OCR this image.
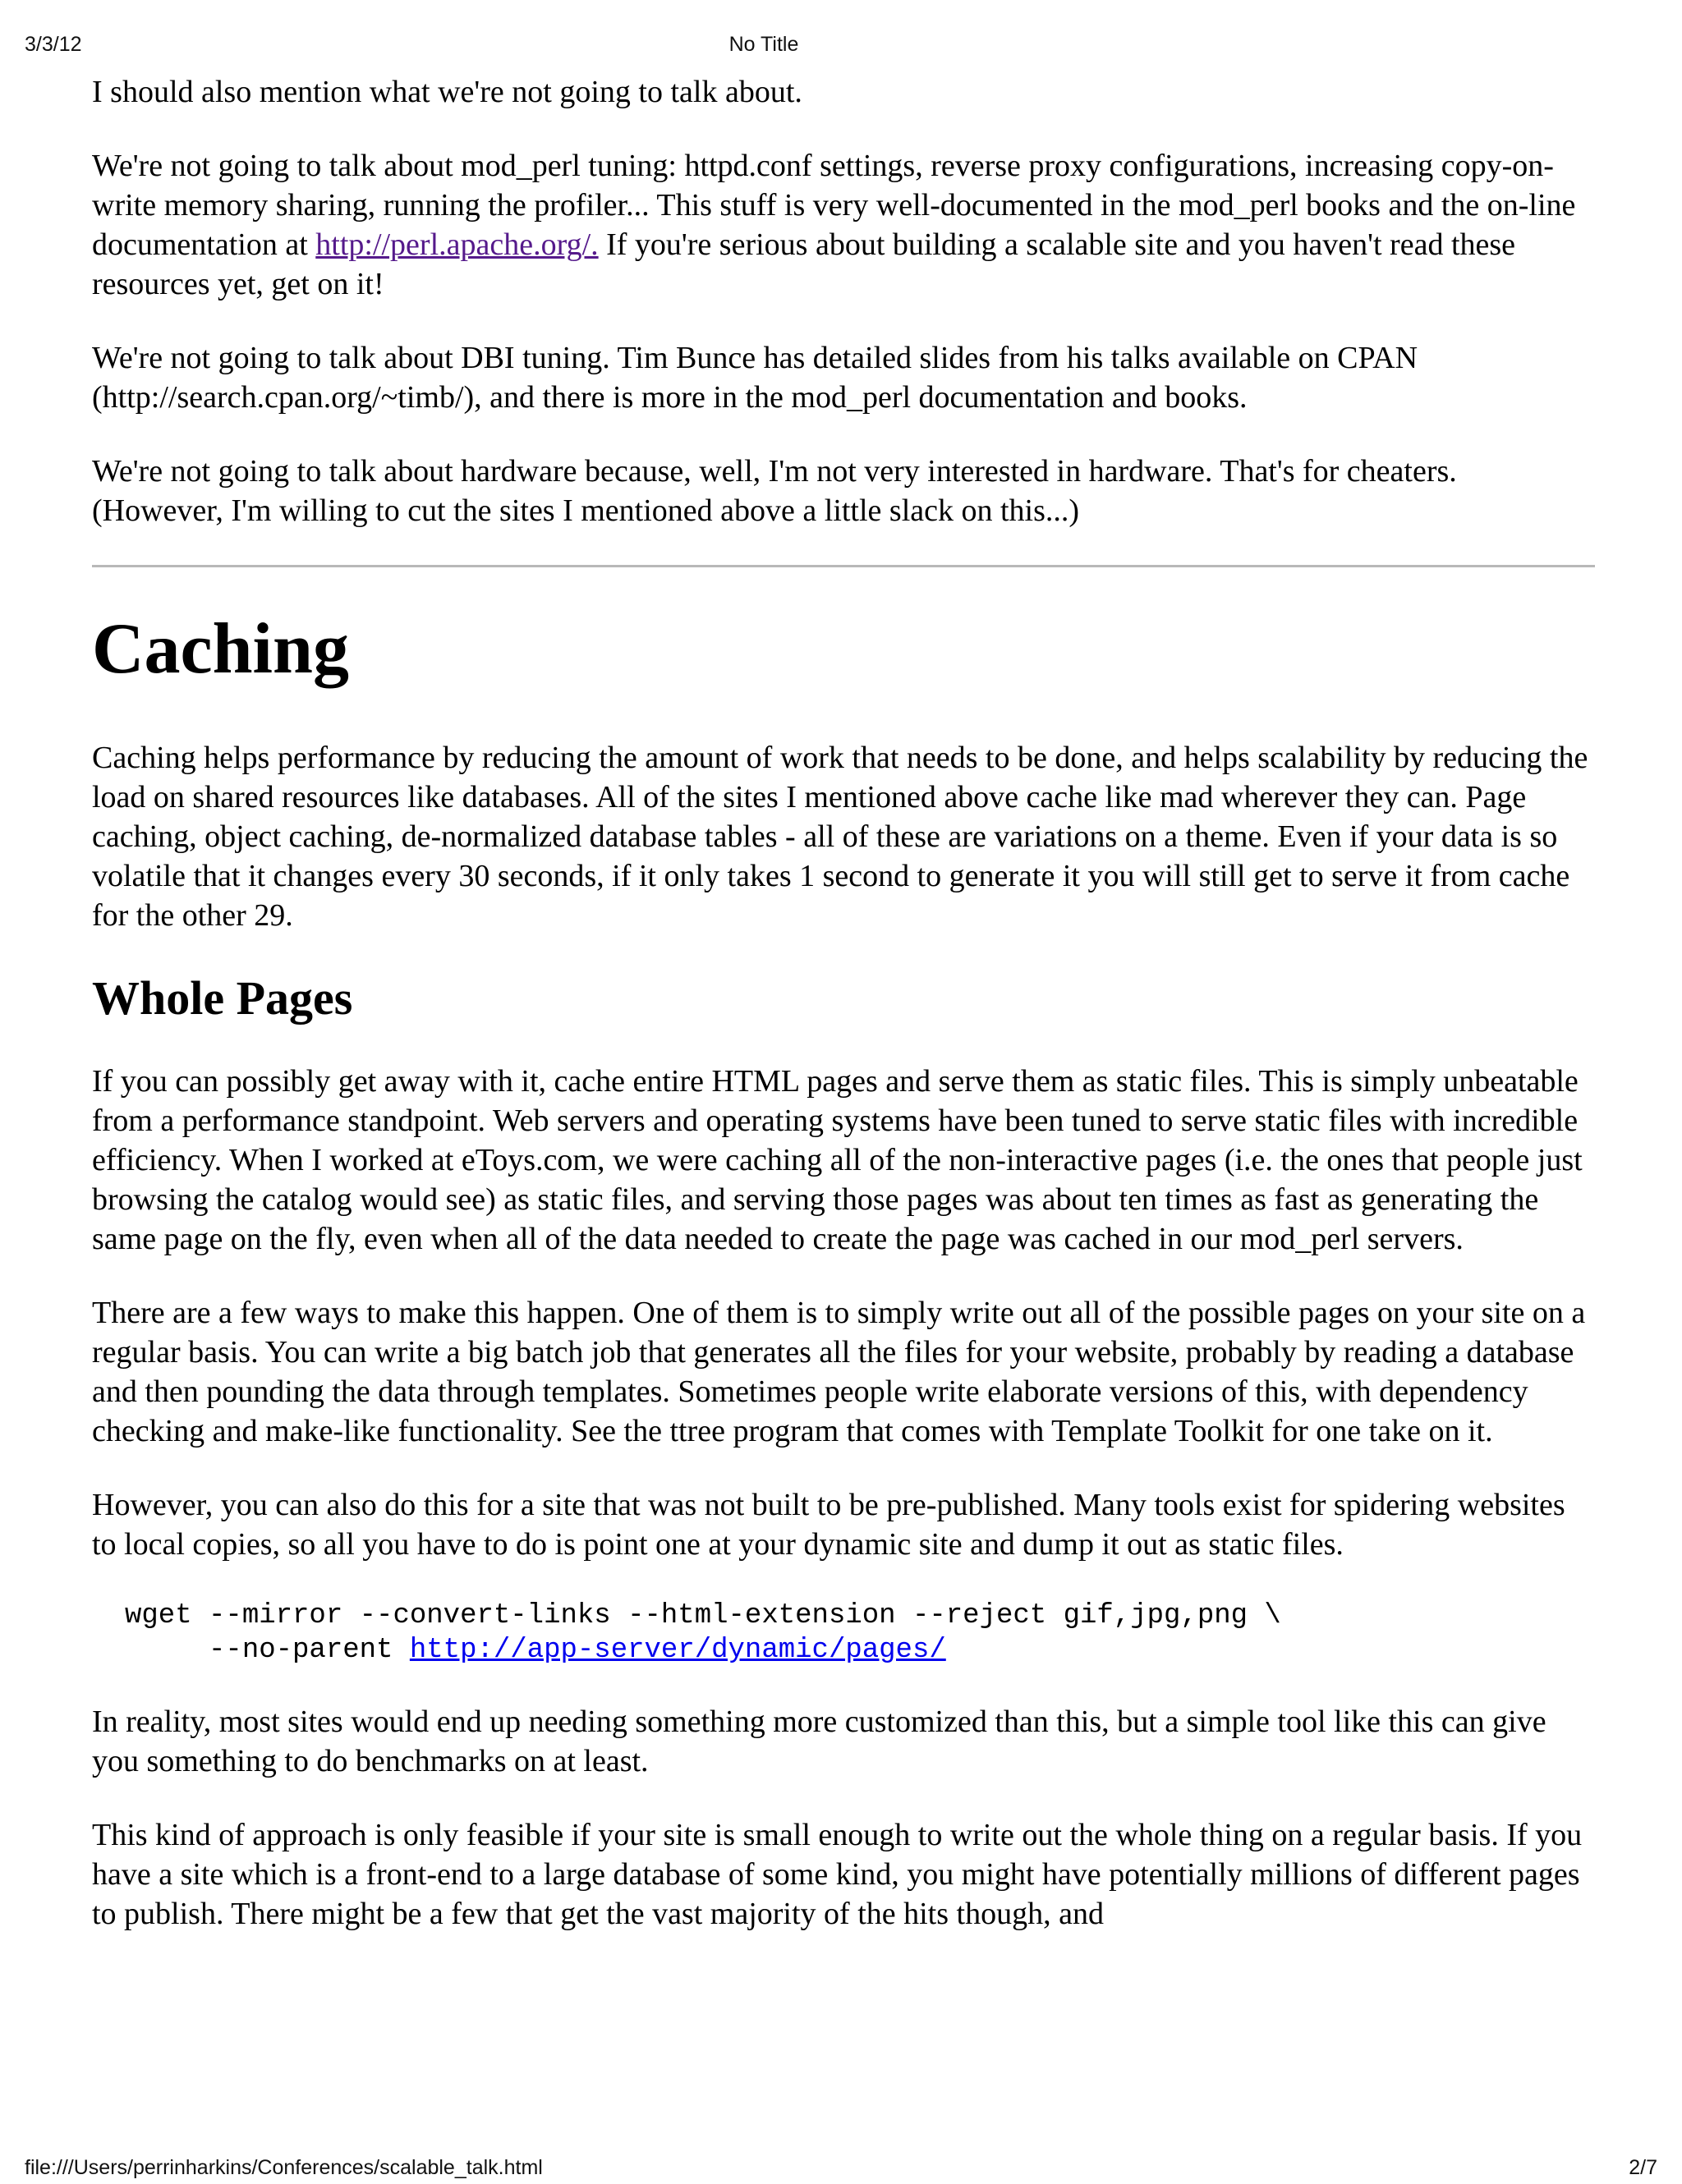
3/3/12	No Title

I should also mention what we're not going to talk about.

We're not going to talk about mod_perl tuning: httpd.conf settings, reverse proxy configurations, increasing copy-on-write memory sharing, running the profiler... This stuff is very well-documented in the mod_perl books and the on-line documentation at http://perl.apache.org/. If you're serious about building a scalable site and you haven't read these resources yet, get on it!

We're not going to talk about DBI tuning. Tim Bunce has detailed slides from his talks available on CPAN (http://search.cpan.org/~timb/), and there is more in the mod_perl documentation and books.

We're not going to talk about hardware because, well, I'm not very interested in hardware. That's for cheaters. (However, I'm willing to cut the sites I mentioned above a little slack on this...)

Caching

Caching helps performance by reducing the amount of work that needs to be done, and helps scalability by reducing the load on shared resources like databases. All of the sites I mentioned above cache like mad wherever they can. Page caching, object caching, de-normalized database tables - all of these are variations on a theme. Even if your data is so volatile that it changes every 30 seconds, if it only takes 1 second to generate it you will still get to serve it from cache for the other 29.

Whole Pages

If you can possibly get away with it, cache entire HTML pages and serve them as static files. This is simply unbeatable from a performance standpoint. Web servers and operating systems have been tuned to serve static files with incredible efficiency. When I worked at eToys.com, we were caching all of the non-interactive pages (i.e. the ones that people just browsing the catalog would see) as static files, and serving those pages was about ten times as fast as generating the same page on the fly, even when all of the data needed to create the page was cached in our mod_perl servers.

There are a few ways to make this happen. One of them is to simply write out all of the possible pages on your site on a regular basis. You can write a big batch job that generates all the files for your website, probably by reading a database and then pounding the data through templates. Sometimes people write elaborate versions of this, with dependency checking and make-like functionality. See the ttree program that comes with Template Toolkit for one take on it.

However, you can also do this for a site that was not built to be pre-published. Many tools exist for spidering websites to local copies, so all you have to do is point one at your dynamic site and dump it out as static files.

wget --mirror --convert-links --html-extension --reject gif,jpg,png \
--no-parent http://app-server/dynamic/pages/

In reality, most sites would end up needing something more customized than this, but a simple tool like this can give you something to do benchmarks on at least.

This kind of approach is only feasible if your site is small enough to write out the whole thing on a regular basis. If you have a site which is a front-end to a large database of some kind, you might have potentially millions of different pages to publish. There might be a few that get the vast majority of the hits though, and

file:///Users/perrinharkins/Conferences/scalable_talk.html	2/7
